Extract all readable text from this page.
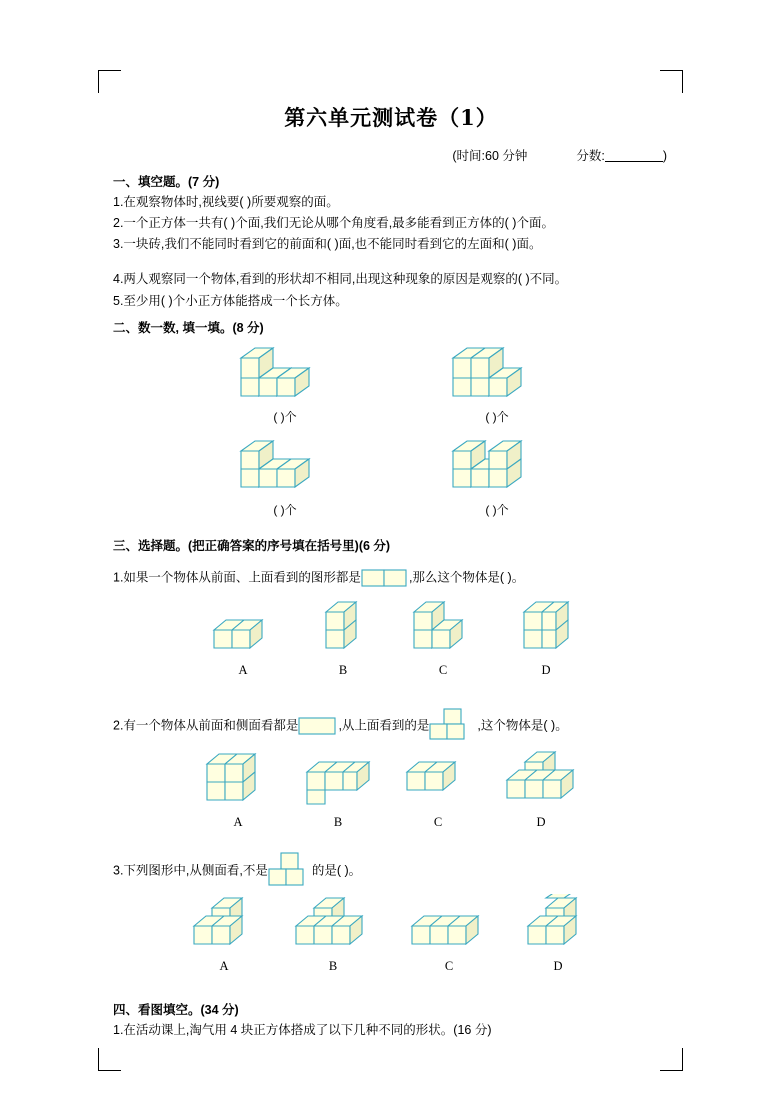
第六单元测试卷（1）
(时间:60 分钟	分数:	)
一、填空题。(7 分)
1.在观察物体时,视线要( )所要观察的面。
2.一个正方体一共有( )个面,我们无论从哪个角度看,最多能看到正方体的( )个面。
3.一块砖,我们不能同时看到它的前面和( )面,也不能同时看到它的左面和( )面。
4.两人观察同一个物体,看到的形状却不相同,出现这种现象的原因是观察的( )不同。
5.至少用( )个小正方体能搭成一个长方体。
二、数一数, 填一填。(8 分)
( )个	( )个
( )个	( )个
三、选择题。(把正确答案的序号填在括号里)(6 分)
1.如果一个物体从前面、上面看到的图形都是	,那么这个物体是( )。
A	B	C	D
2.有一个物体从前面和侧面看都是	,从上面看到的是	,这个物体是( )。
A	B	C	D
3.下列图形中,从侧面看,不是	的是( )。
A	B	C	D
四、看图填空。(34 分)
1.在活动课上,淘气用 4 块正方体搭成了以下几种不同的形状。(16 分)
